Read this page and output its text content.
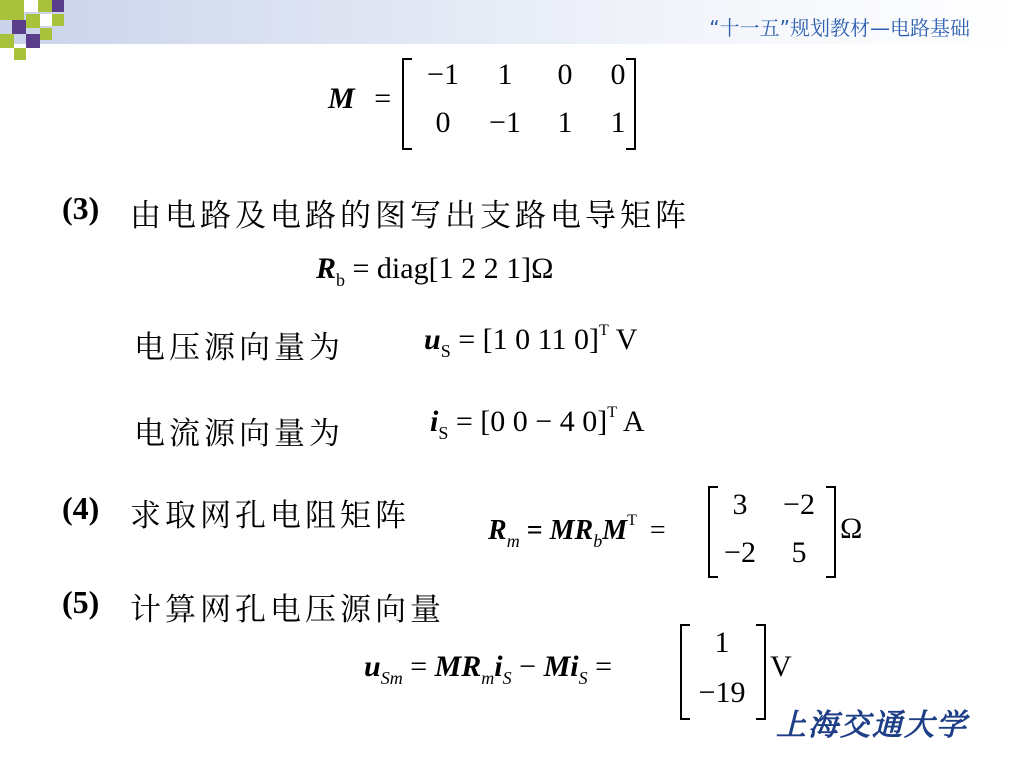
“十一五”规划教材—电路基础
M =
−1	1	0	0
0	−1	1	1
(3) 由电路及电路的图写出支路电导矩阵
$R_b$ = diag[1 2 2 1]Ω
电压源向量为	$u_S = [1$ 0 11 0]$^T$ V
电流源向量为	$i_S = [0$ 0 − 4 0]$^T$ A
(4) 求取网孔电阻矩阵	$R_m = MR_bM^T$ =
3	−2
−2	5
Ω
(5) 计算网孔电压源向量
$u_{Sm} = MR_mi_S - Mi_S$ =
1
−19
V
上海交通大学
